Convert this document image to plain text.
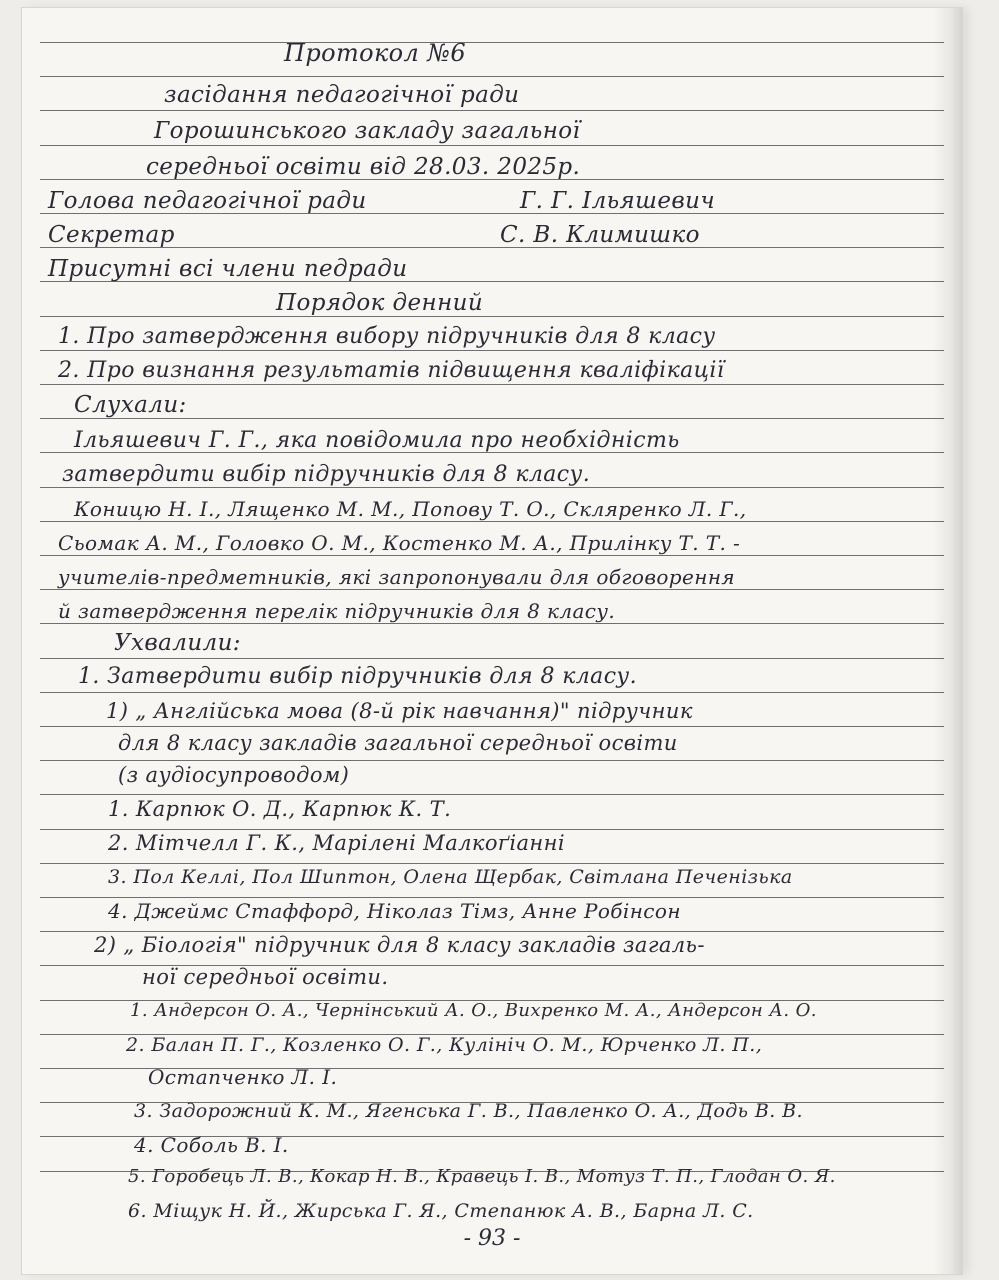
Протокол №6
засідання педагогічної ради
Горошинського закладу загальної
середньої освіти від 28.03. 2025р.
Голова педагогічної ради	Г. Г. Ільяшевич
Секретар	С. В. Климишко
Присутні всі члени педради
Порядок денний
1. Про затвердження вибору підручників для 8 класу
2. Про визнання результатів підвищення кваліфікації
Слухали:
Ільяшевич Г. Г., яка повідомила про необхідність
затвердити вибір підручників для 8 класу.
Коницю Н. І., Лященко М. М., Попову Т. О., Скляренко Л. Г.,
Сьомак А. М., Головко О. М., Костенко М. А., Прилінку Т. Т. -
учителів-предметників, які запропонували для обговорення
й затвердження перелік підручників для 8 класу.
Ухвалили:
1. Затвердити вибір підручників для 8 класу.
1) „ Англійська мова (8-й рік навчання)" підручник
для 8 класу закладів загальної середньої освіти
(з аудіосупроводом)
1. Карпюк О. Д., Карпюк К. Т.
2. Мітчелл Г. К., Марілені Малкоґіанні
3. Пол Келлі, Пол Шиптон, Олена Щербак, Світлана Печенізька
4. Джеймс Стаффорд, Ніколаз Тімз, Анне Робінсон
2) „ Біологія" підручник для 8 класу закладів загаль-
ної середньої освіти.
1. Андерсон О. А., Чернінський А. О., Вихренко М. А., Андерсон А. О.
2. Балан П. Г., Козленко О. Г., Кулініч О. М., Юрченко Л. П.,
Остапченко Л. І.
3. Задорожний К. М., Ягенська Г. В., Павленко О. А., Додь В. В.
4. Соболь В. І.
5. Горобець Л. В., Кокар Н. В., Кравець І. В., Мотуз Т. П., Глодан О. Я.
6. Міщук Н. Й., Жирська Г. Я., Степанюк А. В., Барна Л. С.
- 93 -
